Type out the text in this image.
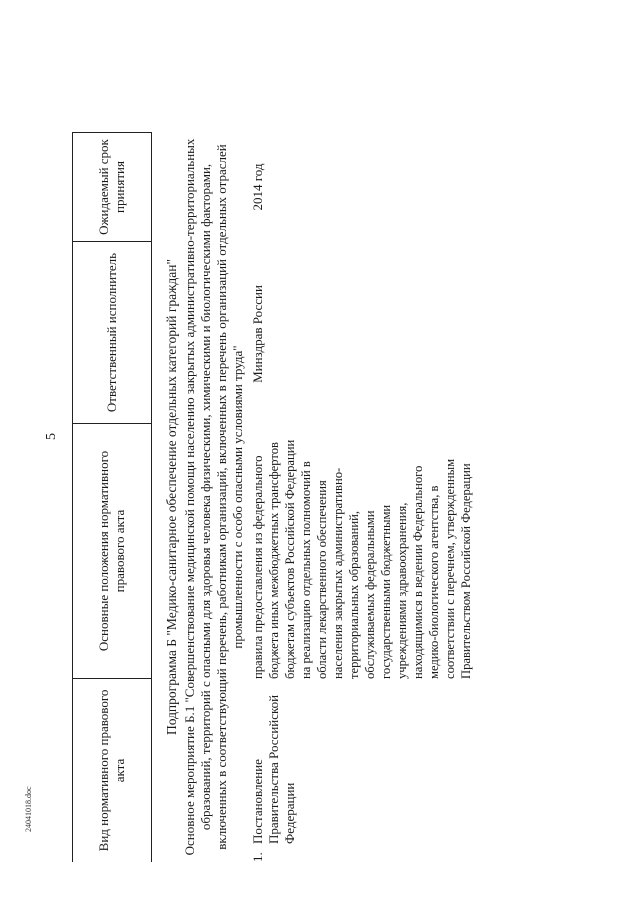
5
24041018.doc	Вид нормативного правового акта
Основные положения нормативного правового акта
Ответственный исполнитель
Ожидаемый срок принятия
Подпрограмма Б "Медико-санитарное обеспечение отдельных категорий граждан" Основное мероприятие Б.1 "Совершенствование медицинской помощи населению закрытых административно-территориальных образований, территорий с опасными для здоровья человека физическими, химическими и биологическими факторами, включенных в соответствующий перечень, работникам организаций, включенных в перечень организаций отдельных отраслей промышленности с особо опасными условиями труда"
1.
Постановление Правительства Российской Федерации
правила предоставления из федерального бюджета иных межбюджетных трансфертов бюджетам субъектов Российской Федерации на реализацию отдельных полномочий в области лекарственного обеспечения населения закрытых административно-территориальных образований, обслуживаемых федеральными государственными бюджетными учреждениями здравоохранения, находящимися в ведении Федерального медико-биологического агентства, в соответствии с перечнем, утвержденным Правительством Российской Федерации
Минздрав России
2014 год
